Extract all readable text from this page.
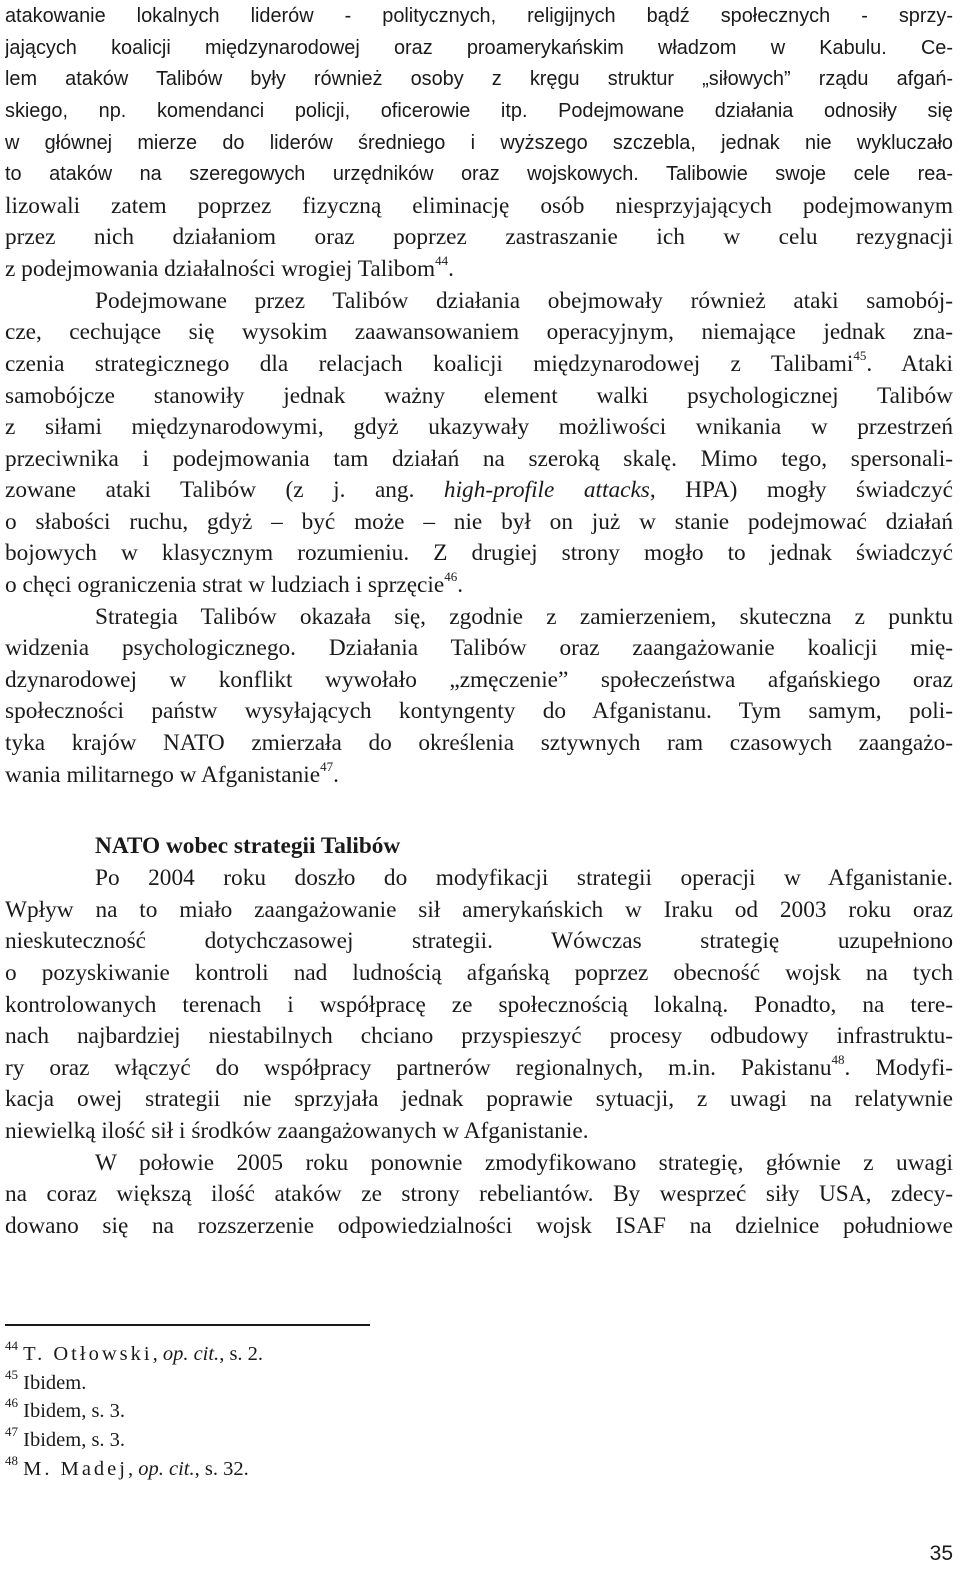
atakowanie lokalnych liderów - politycznych, religijnych bądź społecznych - sprzy-
jających koalicji międzynarodowej oraz proamerykańskim władzom w Kabulu. Ce-
lem ataków Talibów były również osoby z kręgu struktur „siłowych” rządu afgań-
skiego, np. komendanci policji, oficerowie itp. Podejmowane działania odnosiły się
w głównej mierze do liderów średniego i wyższego szczebla, jednak nie wykluczało
to ataków na szeregowych urzędników oraz wojskowych. Talibowie swoje cele rea-
lizowali zatem poprzez fizyczną eliminację osób niesprzyjających podejmowanym
przez nich działaniom oraz poprzez zastraszanie ich w celu rezygnacji
z podejmowania działalności wrogiej Talibom$^{44}$.
Podejmowane przez Talibów działania obejmowały również ataki samobój-
cze, cechujące się wysokim zaawansowaniem operacyjnym, niemające jednak zna-
czenia strategicznego dla relacjach koalicji międzynarodowej z Talibami$^{45}$. Ataki
samobójcze stanowiły jednak ważny element walki psychologicznej Talibów
z siłami międzynarodowymi, gdyż ukazywały możliwości wnikania w przestrzeń
przeciwnika i podejmowania tam działań na szeroką skalę. Mimo tego, spersonali-
zowane ataki Talibów (z j. ang. high-profile attacks, HPA) mogły świadczyć
o słabości ruchu, gdyż – być może – nie był on już w stanie podejmować działań
bojowych w klasycznym rozumieniu. Z drugiej strony mogło to jednak świadczyć
o chęci ograniczenia strat w ludziach i sprzęcie$^{46}$.
Strategia Talibów okazała się, zgodnie z zamierzeniem, skuteczna z punktu
widzenia psychologicznego. Działania Talibów oraz zaangażowanie koalicji mię-
dzynarodowej w konflikt wywołało „zmęczenie” społeczeństwa afgańskiego oraz
społeczności państw wysyłających kontyngenty do Afganistanu. Tym samym, poli-
tyka krajów NATO zmierzała do określenia sztywnych ram czasowych zaangażo-
wania militarnego w Afganistanie$^{47}$.
NATO wobec strategii Talibów
Po 2004 roku doszło do modyfikacji strategii operacji w Afganistanie.
Wpływ na to miało zaangażowanie sił amerykańskich w Iraku od 2003 roku oraz
nieskuteczność dotychczasowej strategii. Wówczas strategię uzupełniono
o pozyskiwanie kontroli nad ludnością afgańską poprzez obecność wojsk na tych
kontrolowanych terenach i współpracę ze społecznością lokalną. Ponadto, na tere-
nach najbardziej niestabilnych chciano przyspieszyć procesy odbudowy infrastruktu-
ry oraz włączyć do współpracy partnerów regionalnych, m.in. Pakistanu$^{48}$. Modyfi-
kacja owej strategii nie sprzyjała jednak poprawie sytuacji, z uwagi na relatywnie
niewielką ilość sił i środków zaangażowanych w Afganistanie.
W połowie 2005 roku ponownie zmodyfikowano strategię, głównie z uwagi
na coraz większą ilość ataków ze strony rebeliantów. By wesprzeć siły USA, zdecy-
dowano się na rozszerzenie odpowiedzialności wojsk ISAF na dzielnice południowe
$^{44}$ T. Otłowski, op. cit., s. 2.
$^{45}$ Ibidem.
$^{46}$ Ibidem, s. 3.
$^{47}$ Ibidem, s. 3.
$^{48}$ M. Madej, op. cit., s. 32.
35
